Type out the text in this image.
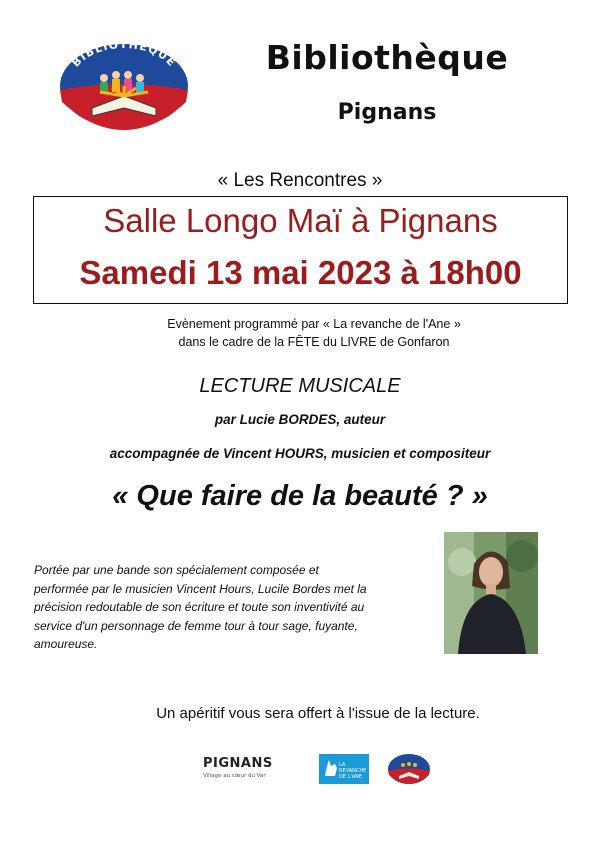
BIBLIOTHÈQUE	Bibliothèque
Pignans
« Les Rencontres »
Salle Longo Maï à Pignans
Samedi 13 mai 2023 à 18h00
Evènement programmé par « La revanche de l'Ane »
dans le cadre de la FÊTE du LIVRE de Gonfaron
LECTURE MUSICALE
par Lucie BORDES, auteur
accompagnée de Vincent HOURS, musicien et compositeur
« Que faire de la beauté ? »
Portée par une bande son spécialement composée et
performée par le musicien Vincent Hours, Lucile Bordes met la
précision redoutable de son écriture et toute son inventivité au
service d'un personnage de femme tour à tour sage, fuyante,
amoureuse.
Un apéritif vous sera offert à l'issue de la lecture.
PIGNANS
Village au cœur du Var
LA REVANCHE DE L'ANE
